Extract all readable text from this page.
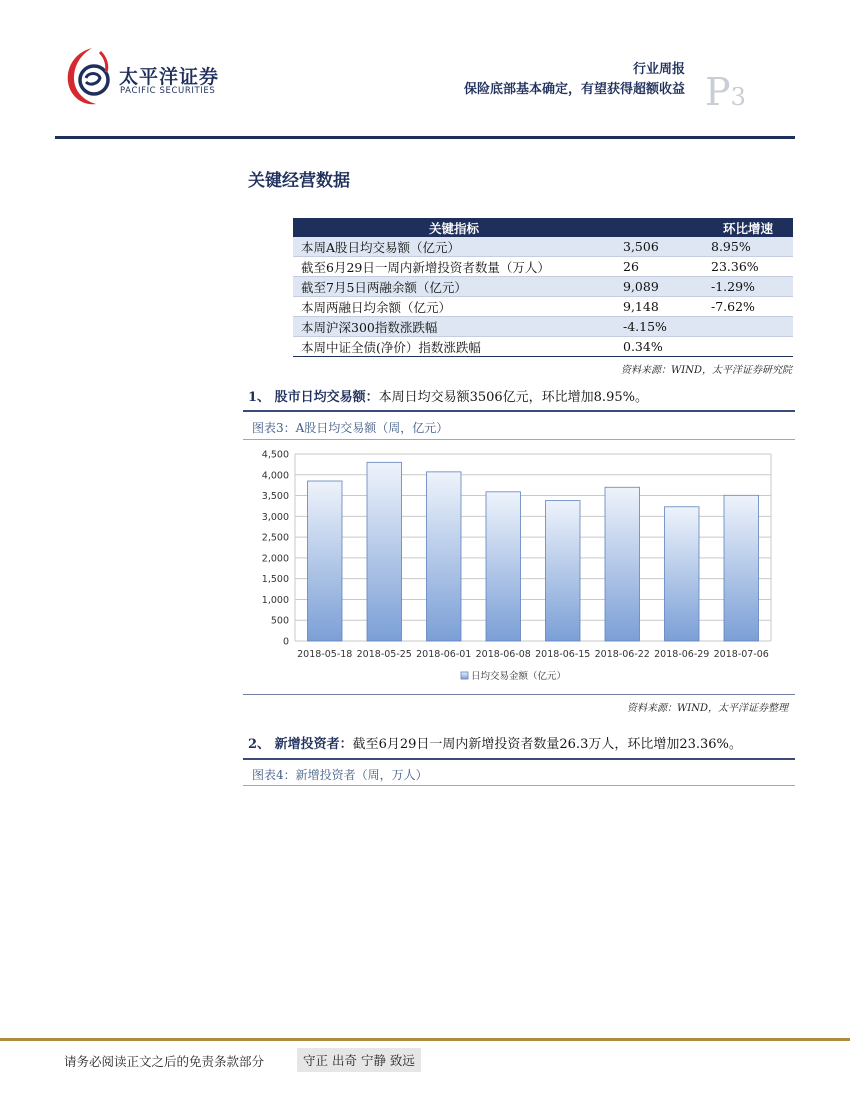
太平洋证券
PACIFIC SECURITIES
行业周报
保险底部基本确定，有望获得超额收益 P3
关键经营数据
关键指标		环比增速
本周A股日均交易额（亿元）	3,506	8.95%
截至6月29日一周内新增投资者数量（万人）	26	23.36%
截至7月5日两融余额（亿元）	9,089	-1.29%
本周两融日均余额（亿元）	9,148	-7.62%
本周沪深300指数涨跌幅	-4.15%	
本周中证全债(净价）指数涨跌幅	0.34%	
资料来源：WIND，太平洋证券研究院
1、 股市日均交易额：本周日均交易额3506亿元，环比增加8.95%。
图表3：A股日均交易额（周，亿元）
0
500
1,000
1,500
2,000
2,500
3,000
3,500
4,000
4,500
2018-05-18 2018-05-25 2018-06-01 2018-06-08 2018-06-15 2018-06-22 2018-06-29 2018-07-06
日均交易金额（亿元）
资料来源：WIND，太平洋证券整理
2、 新增投资者：截至6月29日一周内新增投资者数量26.3万人，环比增加23.36%。
图表4：新增投资者（周，万人）
请务必阅读正文之后的免责条款部分	守正 出奇 宁静 致远
